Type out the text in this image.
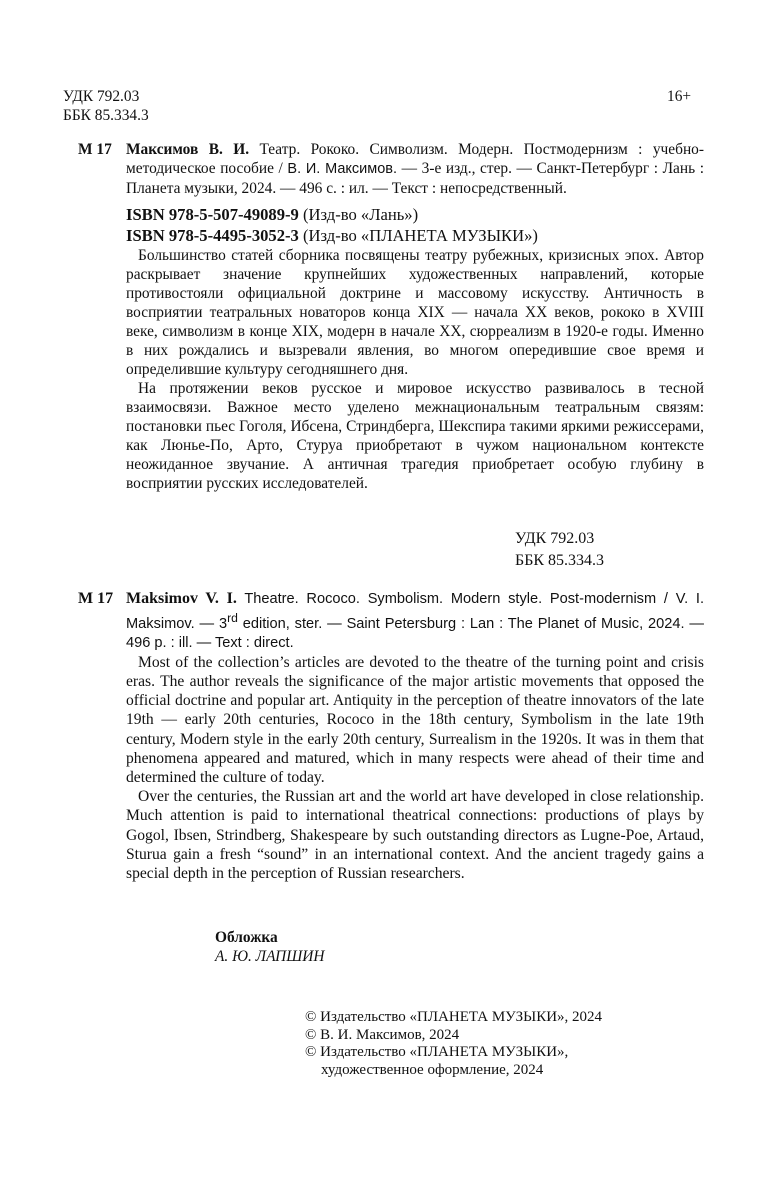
УДК 792.03
ББК 85.334.3
16+
М 17 Максимов В. И. Театр. Рококо. Символизм. Модерн. Постмодернизм : учебно-методическое пособие / В. И. Максимов. — 3-е изд., стер. — Санкт-Петербург : Лань : Планета музыки, 2024. — 496 с. : ил. — Текст : непосредственный.
ISBN 978-5-507-49089-9 (Изд-во «Лань»)
ISBN 978-5-4495-3052-3 (Изд-во «ПЛАНЕТА МУЗЫКИ»)
Большинство статей сборника посвящены театру рубежных, кризисных эпох. Автор раскрывает значение крупнейших художественных направлений, которые противостояли официальной доктрине и массовому искусству. Античность в восприятии театральных новаторов конца XIX — начала XX веков, рококо в XVIII веке, символизм в конце XIX, модерн в начале XX, сюрреализм в 1920-е годы. Именно в них рождались и вызревали явления, во многом опередившие свое время и определившие культуру сегодняшнего дня.
На протяжении веков русское и мировое искусство развивалось в тесной взаимосвязи. Важное место уделено межнациональным театральным связям: постановки пьес Гоголя, Ибсена, Стриндберга, Шекспира такими яркими режиссерами, как Люнье-По, Арто, Стуруа приобретают в чужом национальном контексте неожиданное звучание. А античная трагедия приобретает особую глубину в восприятии русских исследователей.
УДК 792.03
ББК 85.334.3
М 17 Maksimov V. I. Theatre. Rococo. Symbolism. Modern style. Post-modernism / V. I. Maksimov. — 3rd edition, ster. — Saint Petersburg : Lan : The Planet of Music, 2024. — 496 p. : ill. — Text : direct.
Most of the collection’s articles are devoted to the theatre of the turning point and crisis eras. The author reveals the significance of the major artistic movements that opposed the official doctrine and popular art. Antiquity in the perception of theatre innovators of the late 19th — early 20th centuries, Rococo in the 18th century, Symbolism in the late 19th century, Modern style in the early 20th century, Surrealism in the 1920s. It was in them that phenomena appeared and matured, which in many respects were ahead of their time and determined the culture of today.
Over the centuries, the Russian art and the world art have developed in close relationship. Much attention is paid to international theatrical connections: productions of plays by Gogol, Ibsen, Strindberg, Shakespeare by such outstanding directors as Lugne-Poe, Artaud, Sturua gain a fresh “sound” in an international context. And the ancient tragedy gains a special depth in the perception of Russian researchers.
Обложка
А. Ю. ЛАПШИН
© Издательство «ПЛАНЕТА МУЗЫКИ», 2024
© В. И. Максимов, 2024
© Издательство «ПЛАНЕТА МУЗЫКИ»,
художественное оформление, 2024
